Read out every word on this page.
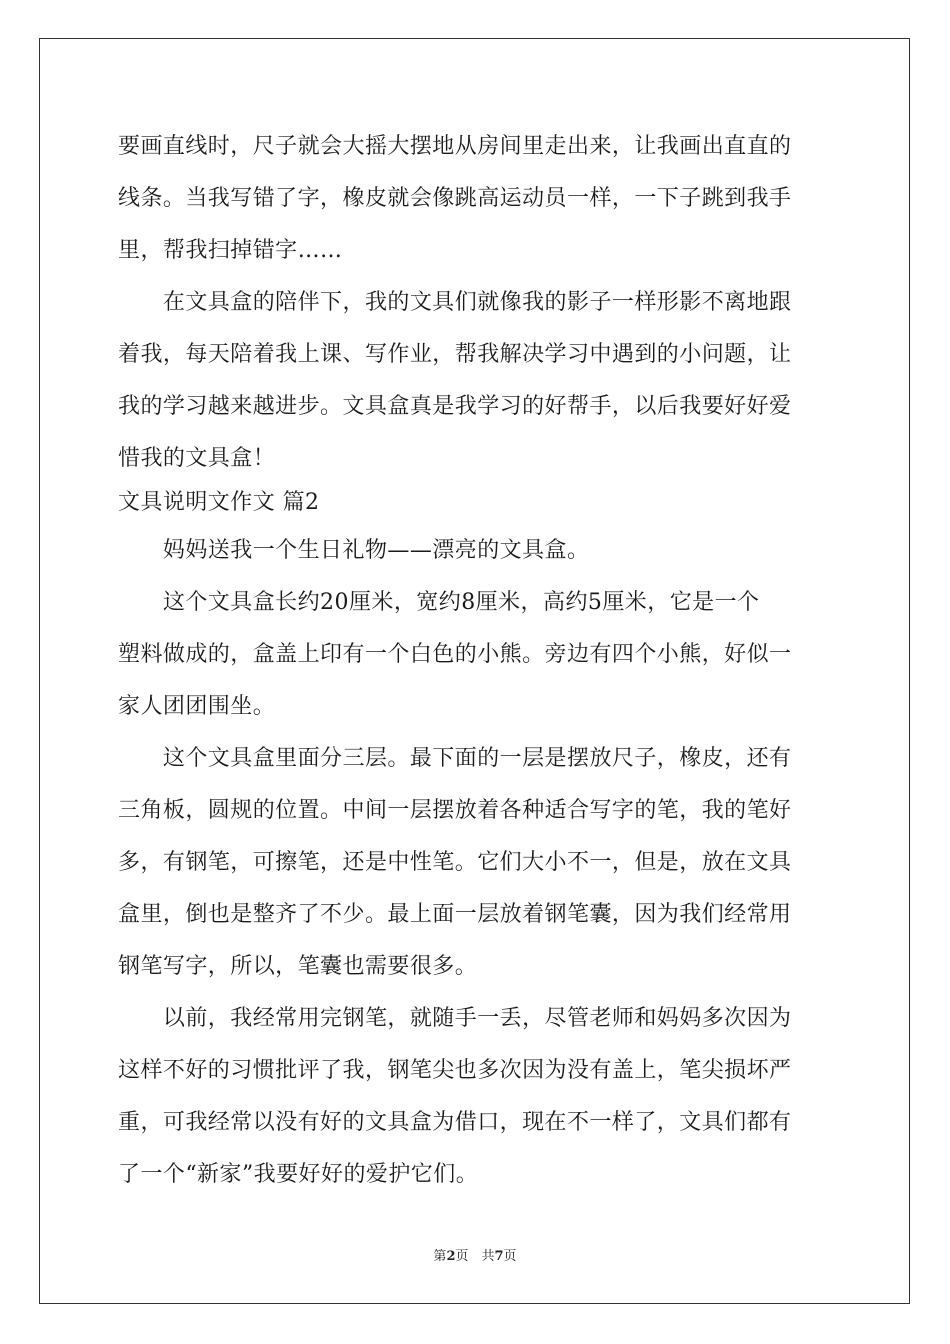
要画直线时，尺子就会大摇大摆地从房间里走出来，让我画出直直的
线条。当我写错了字，橡皮就会像跳高运动员一样，一下子跳到我手
里，帮我扫掉错字……
　　在文具盒的陪伴下，我的文具们就像我的影子一样形影不离地跟
着我，每天陪着我上课、写作业，帮我解决学习中遇到的小问题，让
我的学习越来越进步。文具盒真是我学习的好帮手，以后我要好好爱
惜我的文具盒！
文具说明文作文 篇2
　　妈妈送我一个生日礼物——漂亮的文具盒。
　　这个文具盒长约20厘米，宽约8厘米，高约5厘米，它是一个
塑料做成的，盒盖上印有一个白色的小熊。旁边有四个小熊，好似一
家人团团围坐。
　　这个文具盒里面分三层。最下面的一层是摆放尺子，橡皮，还有
三角板，圆规的位置。中间一层摆放着各种适合写字的笔，我的笔好
多，有钢笔，可擦笔，还是中性笔。它们大小不一，但是，放在文具
盒里，倒也是整齐了不少。最上面一层放着钢笔囊，因为我们经常用
钢笔写字，所以，笔囊也需要很多。
　　以前，我经常用完钢笔，就随手一丢，尽管老师和妈妈多次因为
这样不好的习惯批评了我，钢笔尖也多次因为没有盖上，笔尖损坏严
重，可我经常以没有好的文具盒为借口，现在不一样了，文具们都有
了一个“新家”我要好好的爱护它们。
第2页　共7页
